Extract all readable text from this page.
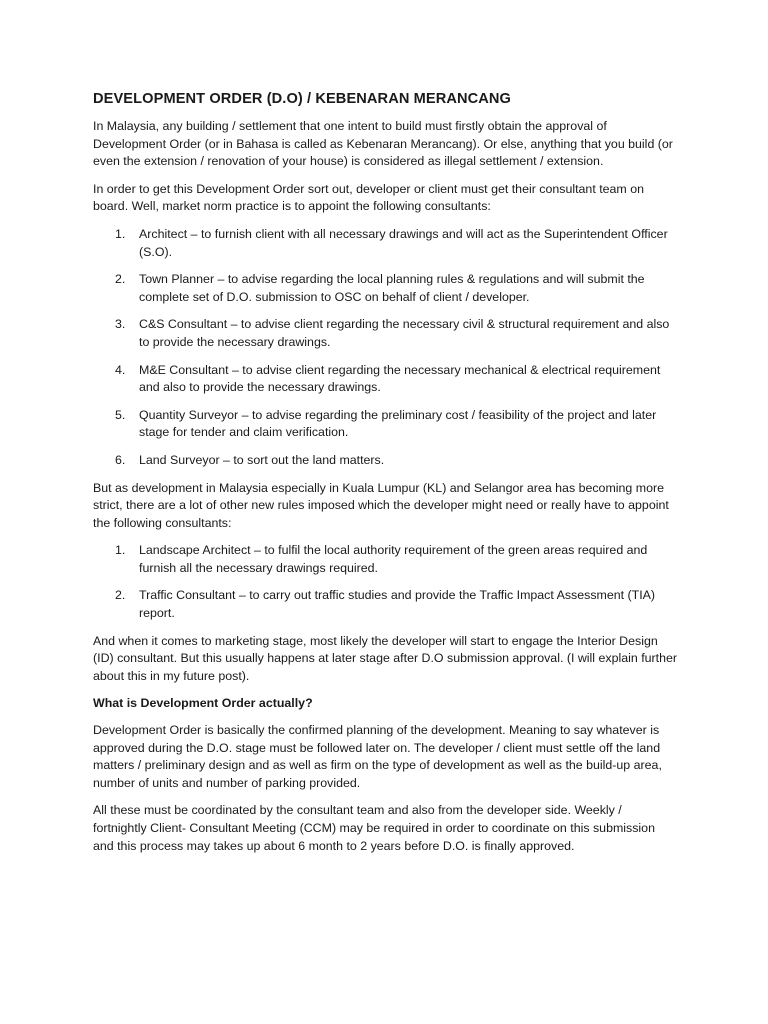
DEVELOPMENT ORDER (D.O) / KEBENARAN MERANCANG

In Malaysia, any building / settlement that one intent to build must firstly obtain the approval of Development Order (or in Bahasa is called as Kebenaran Merancang). Or else, anything that you build (or even the extension / renovation of your house) is considered as illegal settlement / extension.

In order to get this Development Order sort out, developer or client must get their consultant team on board. Well, market norm practice is to appoint the following consultants:

1. Architect – to furnish client with all necessary drawings and will act as the Superintendent Officer (S.O).
2. Town Planner – to advise regarding the local planning rules & regulations and will submit the complete set of D.O. submission to OSC on behalf of client / developer.
3. C&S Consultant – to advise client regarding the necessary civil & structural requirement and also to provide the necessary drawings.
4. M&E Consultant – to advise client regarding the necessary mechanical & electrical requirement and also to provide the necessary drawings.
5. Quantity Surveyor – to advise regarding the preliminary cost / feasibility of the project and later stage for tender and claim verification.
6. Land Surveyor – to sort out the land matters.

But as development in Malaysia especially in Kuala Lumpur (KL) and Selangor area has becoming more strict, there are a lot of other new rules imposed which the developer might need or really have to appoint the following consultants:

1. Landscape Architect – to fulfil the local authority requirement of the green areas required and furnish all the necessary drawings required.
2. Traffic Consultant – to carry out traffic studies and provide the Traffic Impact Assessment (TIA) report.

And when it comes to marketing stage, most likely the developer will start to engage the Interior Design (ID) consultant. But this usually happens at later stage after D.O submission approval. (I will explain further about this in my future post).

What is Development Order actually?

Development Order is basically the confirmed planning of the development. Meaning to say whatever is approved during the D.O. stage must be followed later on. The developer / client must settle off the land matters / preliminary design and as well as firm on the type of development as well as the build-up area, number of units and number of parking provided.

All these must be coordinated by the consultant team and also from the developer side. Weekly / fortnightly Client- Consultant Meeting (CCM) may be required in order to coordinate on this submission and this process may takes up about 6 month to 2 years before D.O. is finally approved.
